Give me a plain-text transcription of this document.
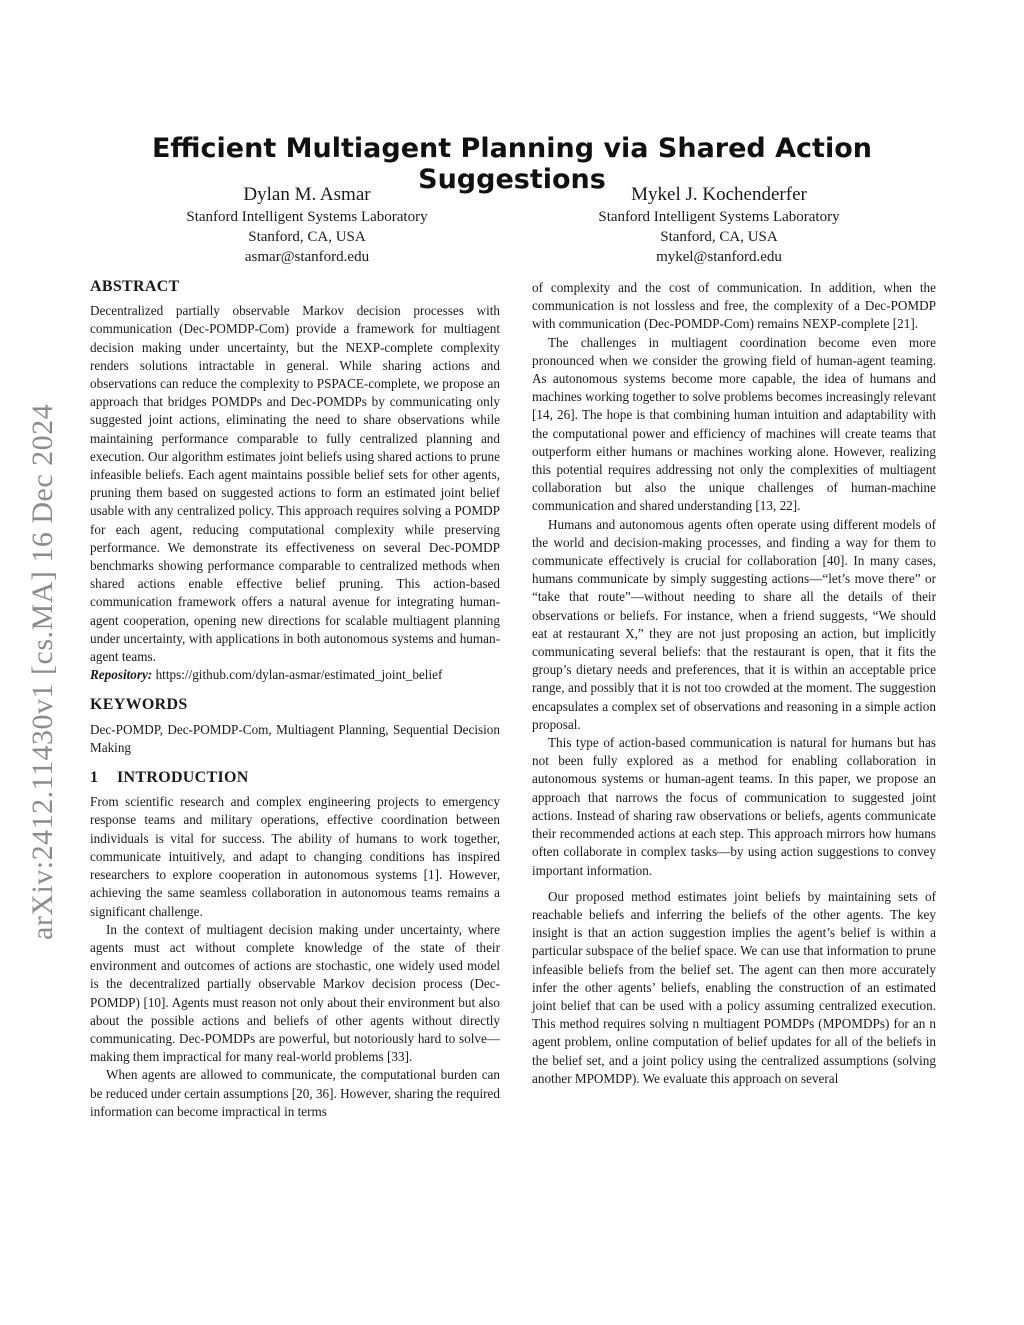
arXiv:2412.11430v1 [cs.MA] 16 Dec 2024
Efficient Multiagent Planning via Shared Action Suggestions
Dylan M. Asmar
Stanford Intelligent Systems Laboratory
Stanford, CA, USA
asmar@stanford.edu
Mykel J. Kochenderfer
Stanford Intelligent Systems Laboratory
Stanford, CA, USA
mykel@stanford.edu
ABSTRACT

Decentralized partially observable Markov decision processes with communication (Dec-POMDP-Com) provide a framework for multiagent decision making under uncertainty, but the NEXP-complete complexity renders solutions intractable in general. While sharing actions and observations can reduce the complexity to PSPACE-complete, we propose an approach that bridges POMDPs and Dec-POMDPs by communicating only suggested joint actions, eliminating the need to share observations while maintaining performance comparable to fully centralized planning and execution. Our algorithm estimates joint beliefs using shared actions to prune infeasible beliefs. Each agent maintains possible belief sets for other agents, pruning them based on suggested actions to form an estimated joint belief usable with any centralized policy. This approach requires solving a POMDP for each agent, reducing computational complexity while preserving performance. We demonstrate its effectiveness on several Dec-POMDP benchmarks showing performance comparable to centralized methods when shared actions enable effective belief pruning. This action-based communication framework offers a natural avenue for integrating human-agent cooperation, opening new directions for scalable multiagent planning under uncertainty, with applications in both autonomous systems and human-agent teams.

Repository: https://github.com/dylan-asmar/estimated_joint_belief

KEYWORDS

Dec-POMDP, Dec-POMDP-Com, Multiagent Planning, Sequential Decision Making

1 INTRODUCTION

From scientific research and complex engineering projects to emergency response teams and military operations, effective coordination between individuals is vital for success. The ability of humans to work together, communicate intuitively, and adapt to changing conditions has inspired researchers to explore cooperation in autonomous systems [1]. However, achieving the same seamless collaboration in autonomous teams remains a significant challenge.

In the context of multiagent decision making under uncertainty, where agents must act without complete knowledge of the state of their environment and outcomes of actions are stochastic, one widely used model is the decentralized partially observable Markov decision process (Dec-POMDP) [10]. Agents must reason not only about their environment but also about the possible actions and beliefs of other agents without directly communicating. Dec-POMDPs are powerful, but notoriously hard to solve—making them impractical for many real-world problems [33].

When agents are allowed to communicate, the computational burden can be reduced under certain assumptions [20, 36]. However, sharing the required information can become impractical in terms

of complexity and the cost of communication. In addition, when the communication is not lossless and free, the complexity of a Dec-POMDP with communication (Dec-POMDP-Com) remains NEXP-complete [21].

The challenges in multiagent coordination become even more pronounced when we consider the growing field of human-agent teaming. As autonomous systems become more capable, the idea of humans and machines working together to solve problems becomes increasingly relevant [14, 26]. The hope is that combining human intuition and adaptability with the computational power and efficiency of machines will create teams that outperform either humans or machines working alone. However, realizing this potential requires addressing not only the complexities of multiagent collaboration but also the unique challenges of human-machine communication and shared understanding [13, 22].

Humans and autonomous agents often operate using different models of the world and decision-making processes, and finding a way for them to communicate effectively is crucial for collaboration [40]. In many cases, humans communicate by simply suggesting actions—“let’s move there” or “take that route”—without needing to share all the details of their observations or beliefs. For instance, when a friend suggests, “We should eat at restaurant X,” they are not just proposing an action, but implicitly communicating several beliefs: that the restaurant is open, that it fits the group’s dietary needs and preferences, that it is within an acceptable price range, and possibly that it is not too crowded at the moment. The suggestion encapsulates a complex set of observations and reasoning in a simple action proposal.

This type of action-based communication is natural for humans but has not been fully explored as a method for enabling collaboration in autonomous systems or human-agent teams. In this paper, we propose an approach that narrows the focus of communication to suggested joint actions. Instead of sharing raw observations or beliefs, agents communicate their recommended actions at each step. This approach mirrors how humans often collaborate in complex tasks—by using action suggestions to convey important information.

Our proposed method estimates joint beliefs by maintaining sets of reachable beliefs and inferring the beliefs of the other agents. The key insight is that an action suggestion implies the agent’s belief is within a particular subspace of the belief space. We can use that information to prune infeasible beliefs from the belief set. The agent can then more accurately infer the other agents’ beliefs, enabling the construction of an estimated joint belief that can be used with a policy assuming centralized execution. This method requires solving n multiagent POMDPs (MPOMDPs) for an n agent problem, online computation of belief updates for all of the beliefs in the belief set, and a joint policy using the centralized assumptions (solving another MPOMDP). We evaluate this approach on several
